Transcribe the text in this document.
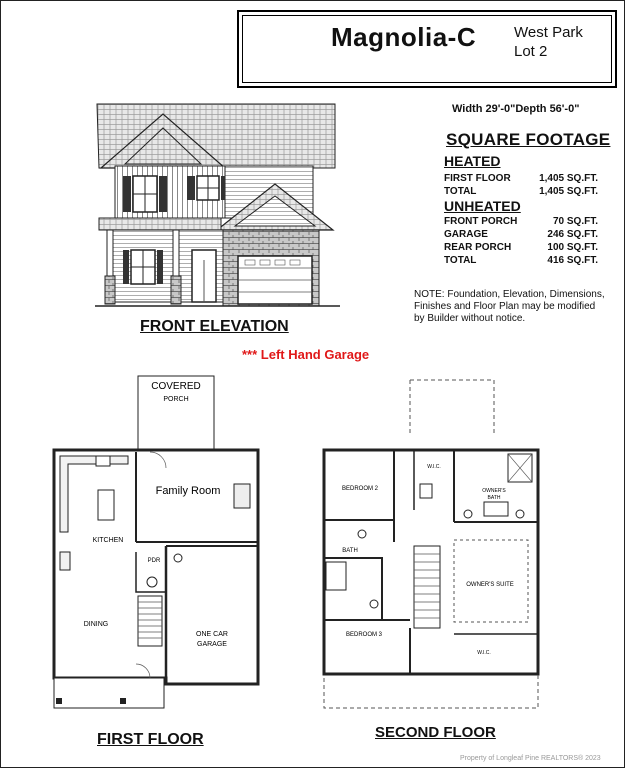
Magnolia-C	West Park
Lot 2
Width 29'-0"Depth 56'-0"
SQUARE FOOTAGE
HEATED
FIRST FLOOR	1,405 SQ.FT.
TOTAL	1,405 SQ.FT.
UNHEATED
FRONT PORCH	70 SQ.FT.
GARAGE	246 SQ.FT.
REAR PORCH	100 SQ.FT.
TOTAL	416 SQ.FT.
NOTE: Foundation, Elevation, Dimensions, Finishes and Floor Plan may be modified by Builder without notice.
FRONT ELEVATION
*** Left Hand Garage
COVERED
PORCH
Family Room
KITCHEN
DINING
PDR
ONE CAR
GARAGE
FIRST FLOOR
BEDROOM 2
W.I.C.
OWNER'S
BATH
BATH
OWNER'S SUITE
BEDROOM 3
W.I.C.
SECOND FLOOR
Property of Longleaf Pine REALTORS® 2023
